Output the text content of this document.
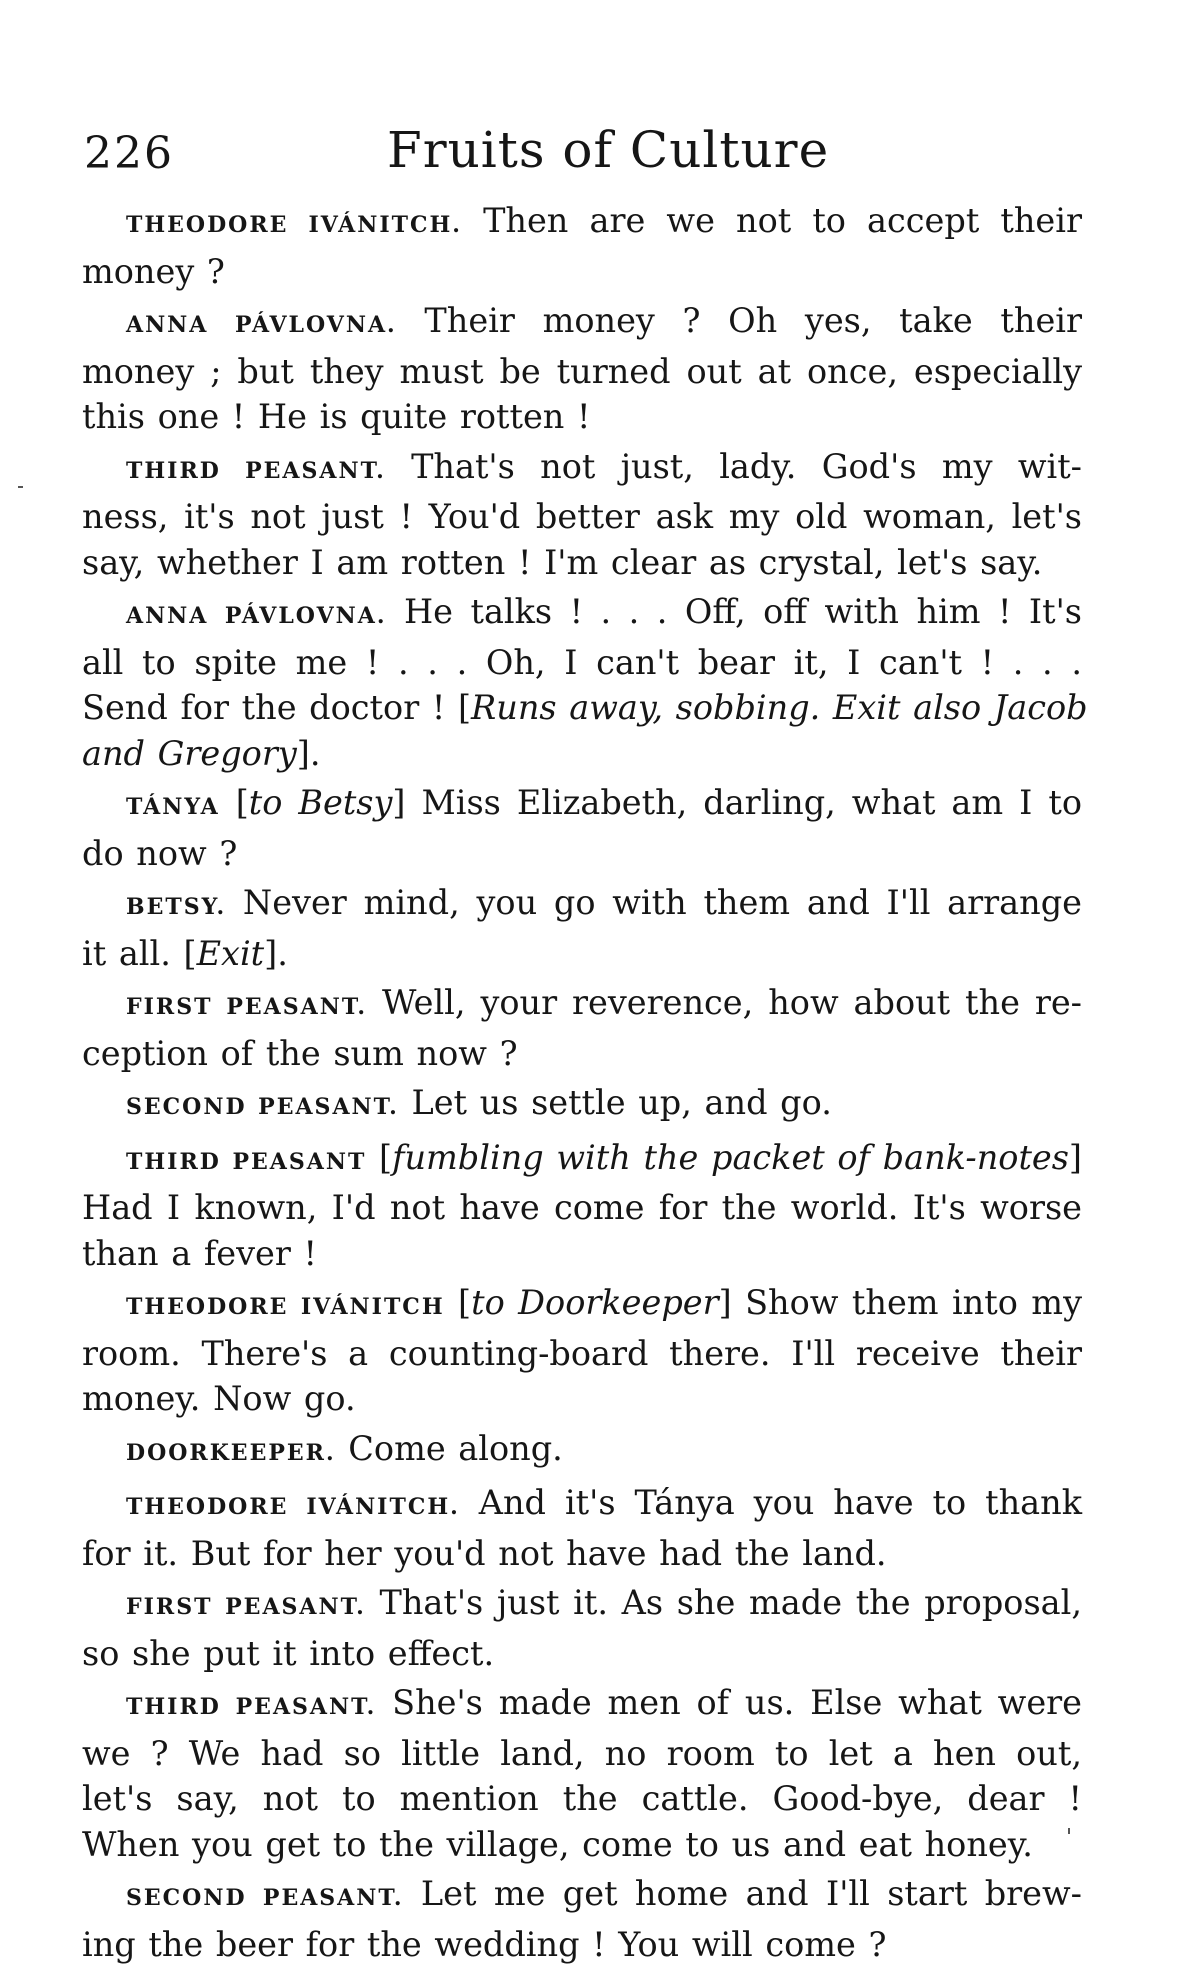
226	Fruits of Culture
THEODORE IVÁNITCH. Then are we not to accept their
money ?
ANNA PÁVLOVNA. Their money ? Oh yes, take their
money ; but they must be turned out at once, especially
this one ! He is quite rotten !
THIRD PEASANT. That's not just, lady. God's my wit-
ness, it's not just ! You'd better ask my old woman, let's
say, whether I am rotten ! I'm clear as crystal, let's say.
ANNA PÁVLOVNA. He talks ! . . . Off, off with him ! It's
all to spite me ! . . . Oh, I can't bear it, I can't ! . . .
Send for the doctor ! [Runs away, sobbing. Exit also Jacob
and Gregory].
TÁNYA [to Betsy] Miss Elizabeth, darling, what am I to
do now ?
BETSY. Never mind, you go with them and I'll arrange
it all. [Exit].
FIRST PEASANT. Well, your reverence, how about the re-
ception of the sum now ?
SECOND PEASANT. Let us settle up, and go.
THIRD PEASANT [fumbling with the packet of bank-notes]
Had I known, I'd not have come for the world. It's worse
than a fever !
THEODORE IVÁNITCH [to Doorkeeper] Show them into my
room. There's a counting-board there. I'll receive their
money. Now go.
DOORKEEPER. Come along.
THEODORE IVÁNITCH. And it's Tánya you have to thank
for it. But for her you'd not have had the land.
FIRST PEASANT. That's just it. As she made the proposal,
so she put it into effect.
THIRD PEASANT. She's made men of us. Else what were
we ? We had so little land, no room to let a hen out,
let's say, not to mention the cattle. Good-bye, dear !
When you get to the village, come to us and eat honey.
SECOND PEASANT. Let me get home and I'll start brew-
ing the beer for the wedding ! You will come ?
